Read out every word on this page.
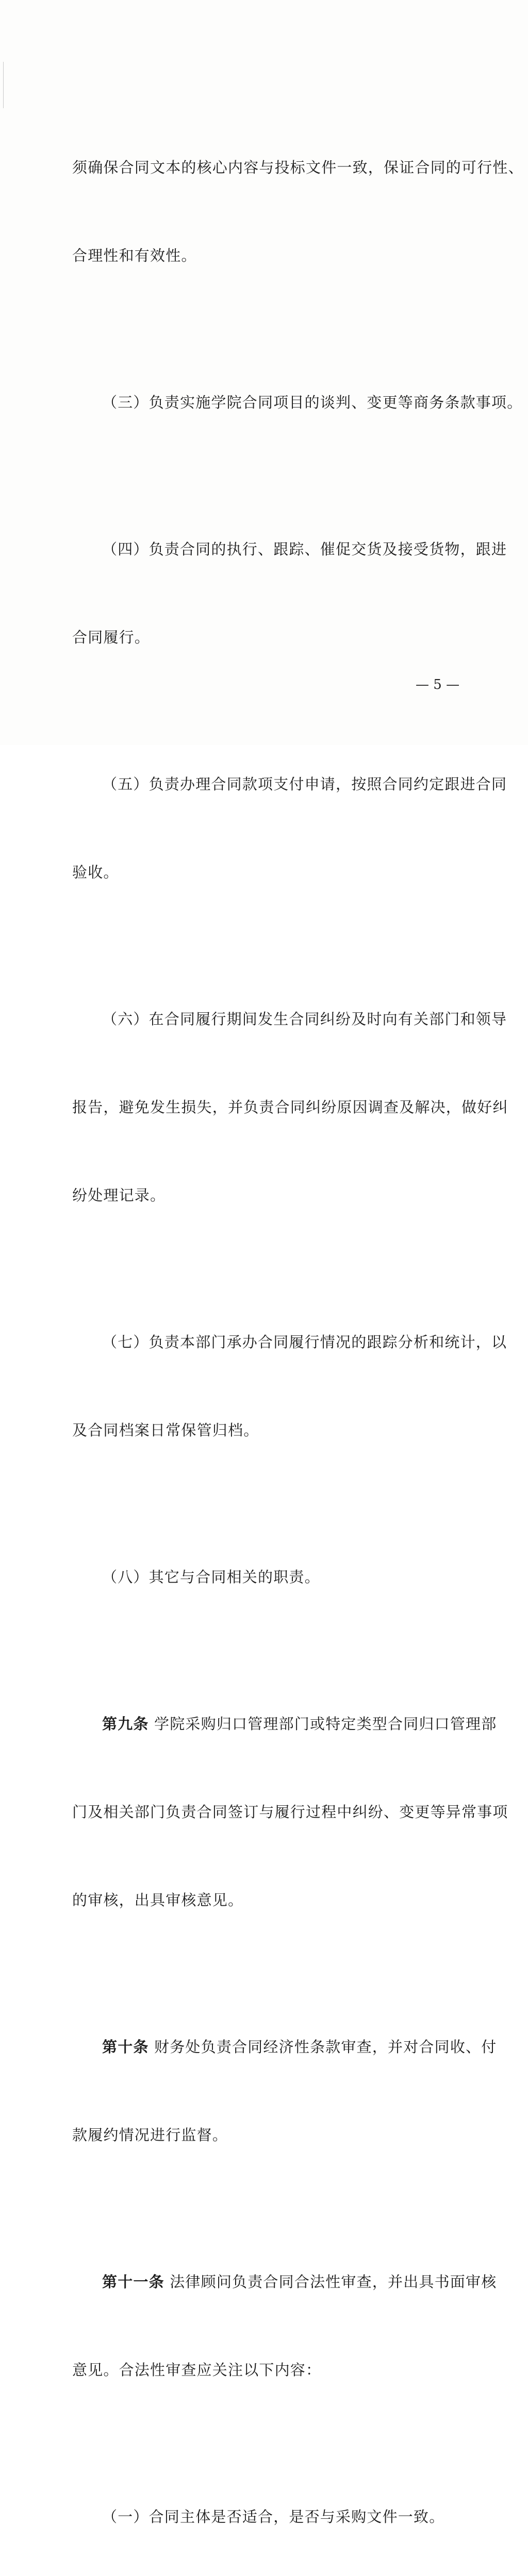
须确保合同文本的核心内容与投标文件一致，保证合同的可行性、

合理性和有效性。

（三）负责实施学院合同项目的谈判、变更等商务条款事项。

（四）负责合同的执行、跟踪、催促交货及接受货物，跟进

合同履行。

（五）负责办理合同款项支付申请，按照合同约定跟进合同

验收。

（六）在合同履行期间发生合同纠纷及时向有关部门和领导

报告，避免发生损失，并负责合同纠纷原因调查及解决，做好纠

纷处理记录。

（七）负责本部门承办合同履行情况的跟踪分析和统计，以

及合同档案日常保管归档。

（八）其它与合同相关的职责。

第九条 学院采购归口管理部门或特定类型合同归口管理部

门及相关部门负责合同签订与履行过程中纠纷、变更等异常事项

的审核，出具审核意见。

第十条 财务处负责合同经济性条款审查，并对合同收、付

款履约情况进行监督。

第十一条 法律顾问负责合同合法性审查，并出具书面审核

意见。合法性审查应关注以下内容：

（一）合同主体是否适合，是否与采购文件一致。

— 5 —
